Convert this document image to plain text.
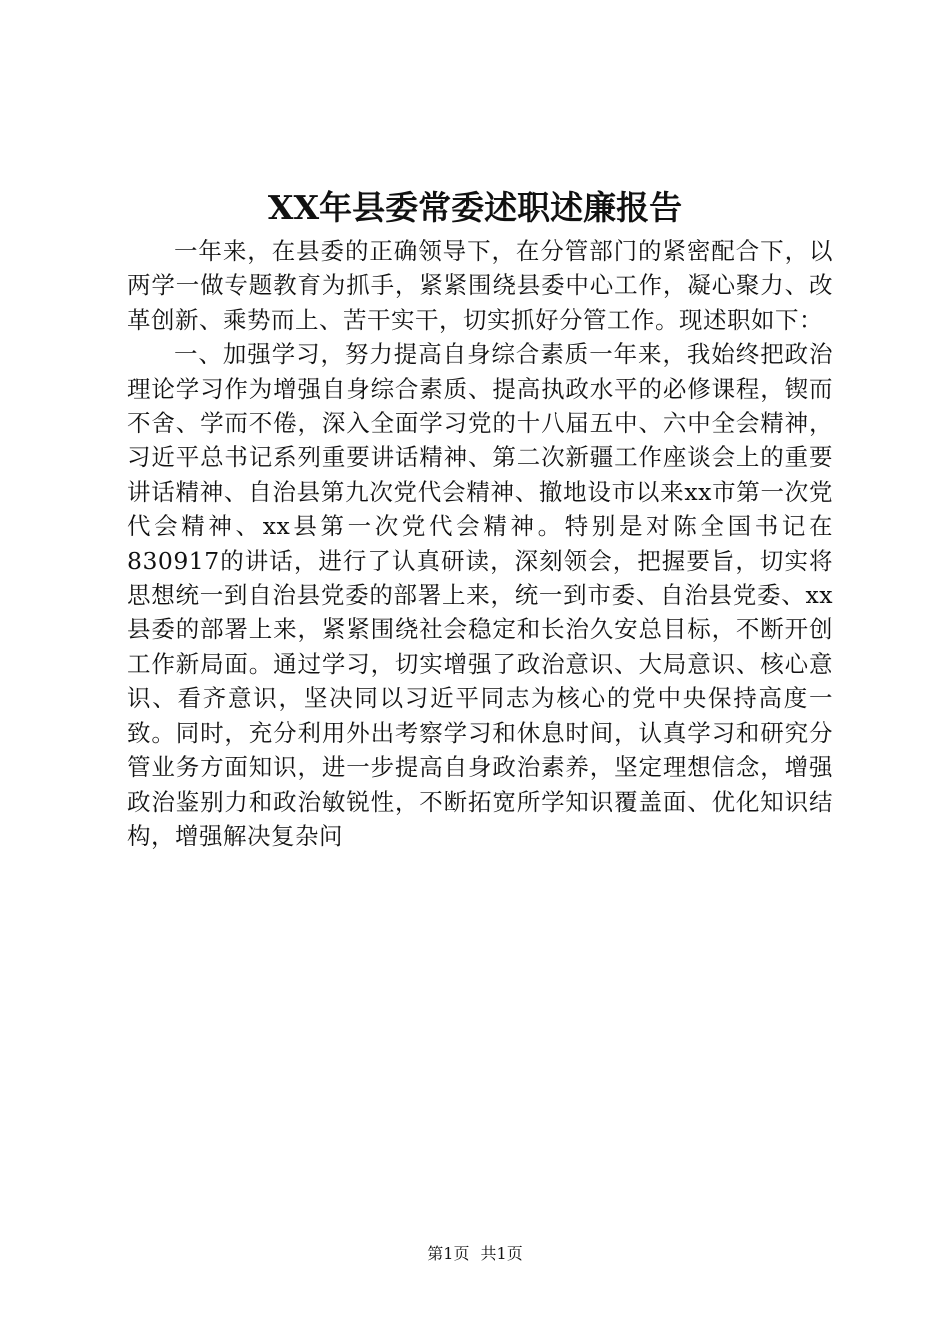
XX年县委常委述职述廉报告

一年来，在县委的正确领导下，在分管部门的紧密配合下，以两学一做专题教育为抓手，紧紧围绕县委中心工作，凝心聚力、改革创新、乘势而上、苦干实干，切实抓好分管工作。现述职如下：

一、加强学习，努力提高自身综合素质一年来，我始终把政治理论学习作为增强自身综合素质、提高执政水平的必修课程，锲而不舍、学而不倦，深入全面学习党的十八届五中、六中全会精神，习近平总书记系列重要讲话精神、第二次新疆工作座谈会上的重要讲话精神、自治县第九次党代会精神、撤地设市以来xx市第一次党代会精神、xx县第一次党代会精神。特别是对陈全国书记在830917的讲话，进行了认真研读，深刻领会，把握要旨，切实将思想统一到自治县党委的部署上来，统一到市委、自治县党委、xx县委的部署上来，紧紧围绕社会稳定和长治久安总目标，不断开创工作新局面。通过学习，切实增强了政治意识、大局意识、核心意识、看齐意识，坚决同以习近平同志为核心的党中央保持高度一致。同时，充分利用外出考察学习和休息时间，认真学习和研究分管业务方面知识，进一步提高自身政治素养，坚定理想信念，增强政治鉴别力和政治敏锐性，不断拓宽所学知识覆盖面、优化知识结构，增强解决复杂问

第1页 共1页
